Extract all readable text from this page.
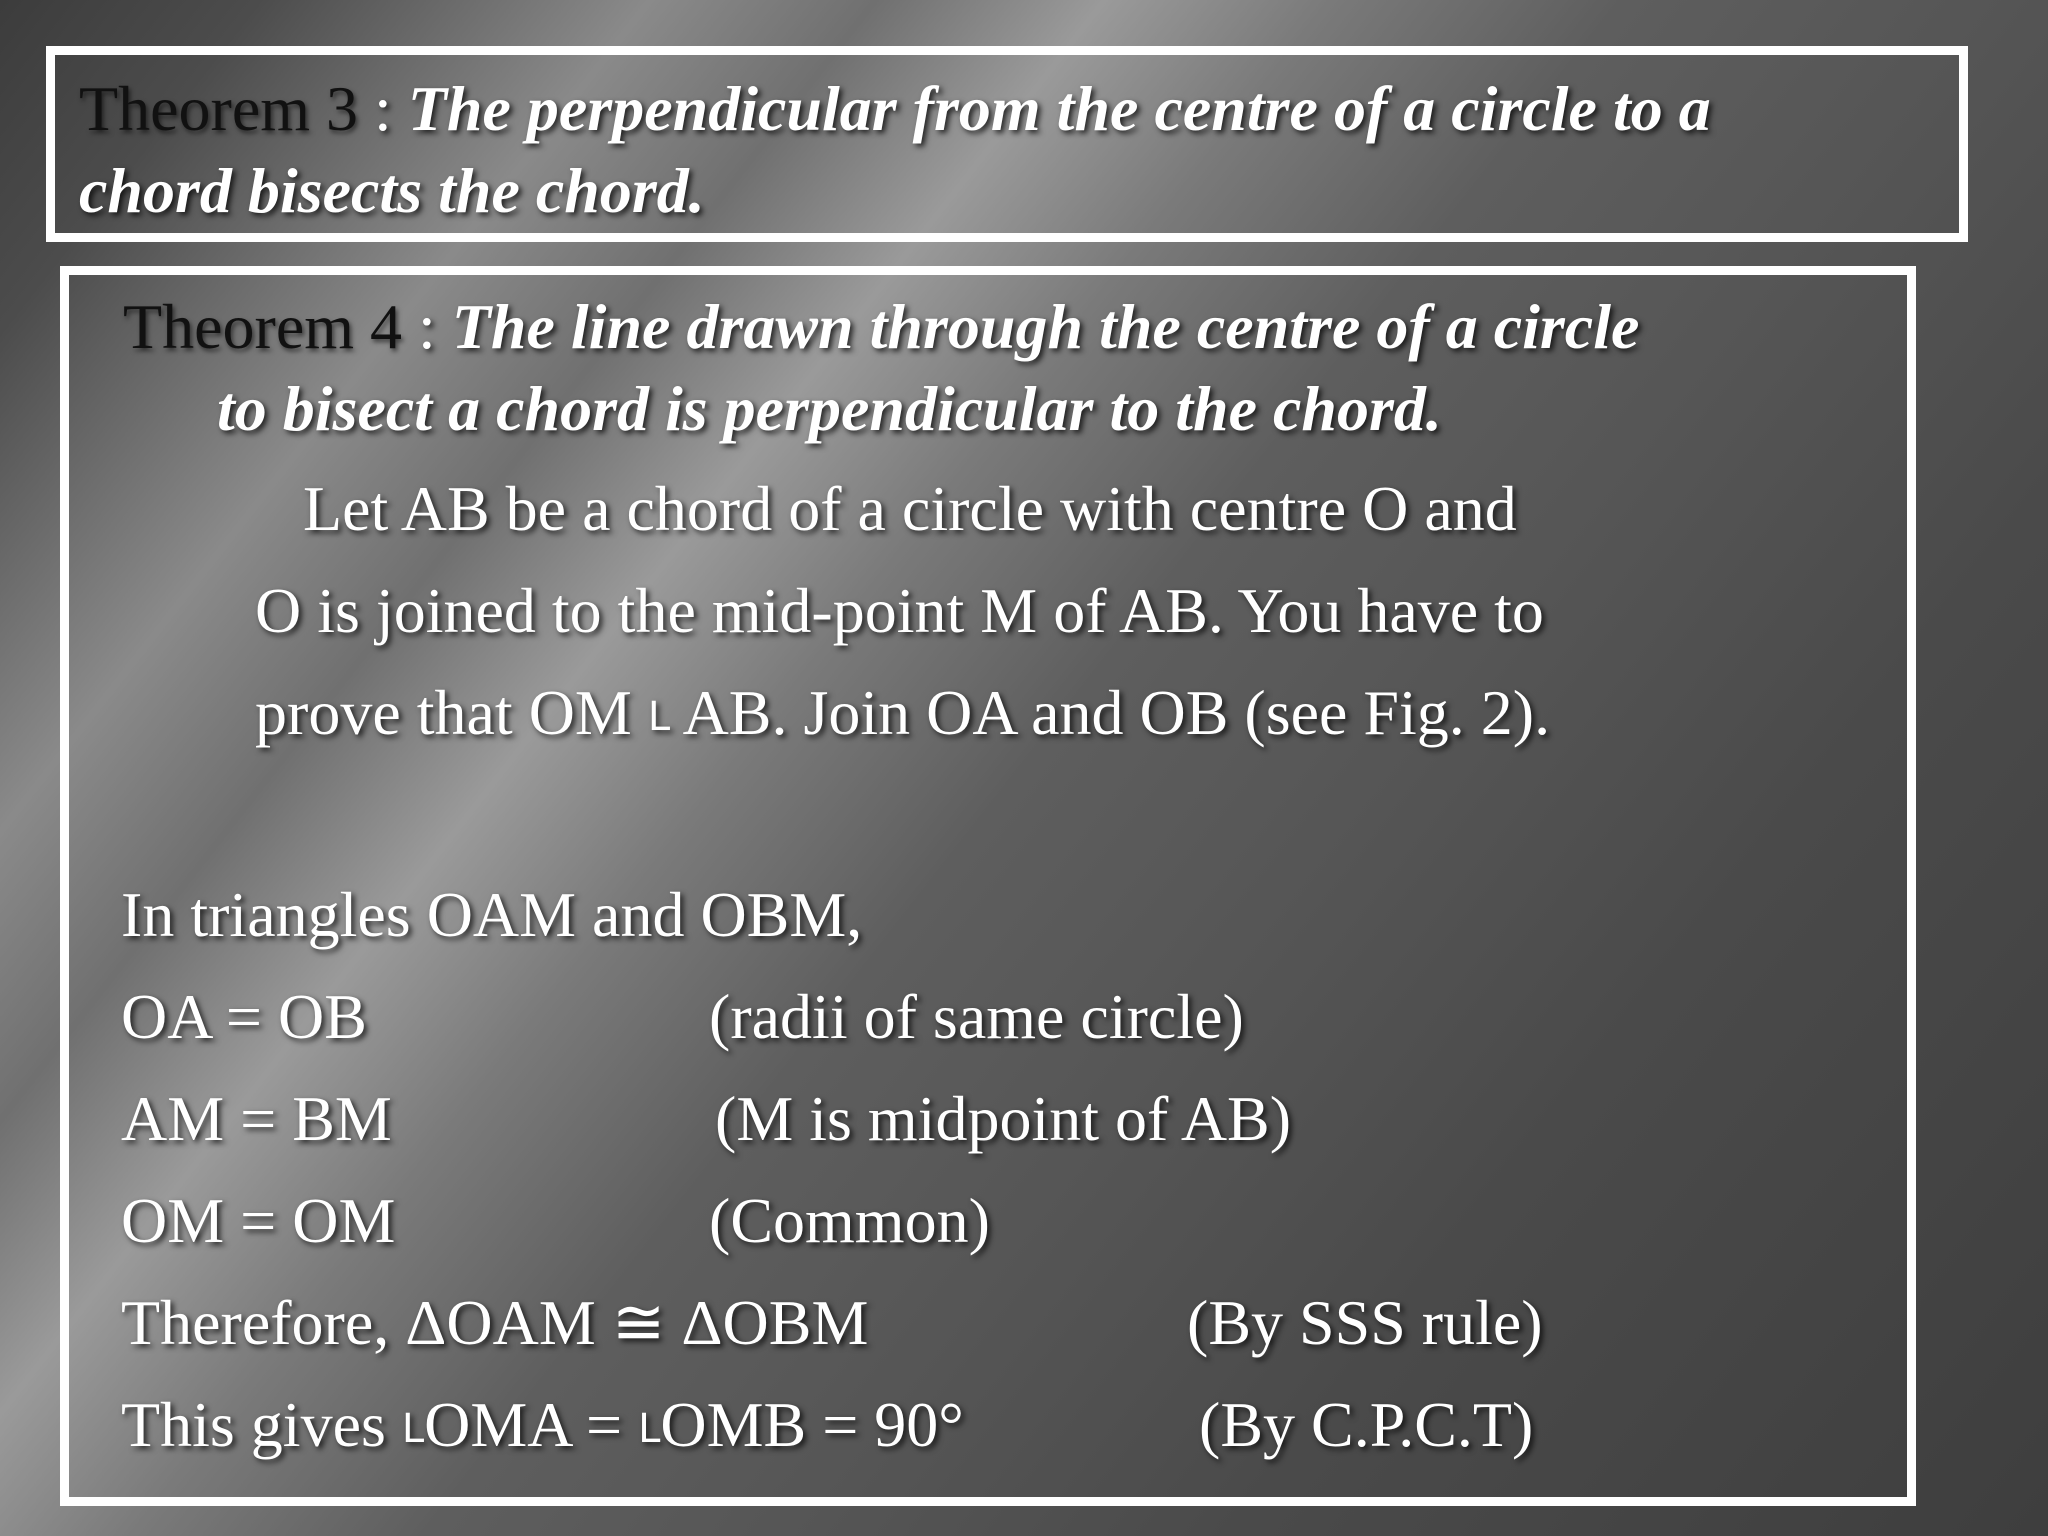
Theorem 3 : The perpendicular from the centre of a circle to a
chord bisects the chord.
Theorem 4 : The line drawn through the centre of a circle
to bisect a chord is perpendicular to the chord.
Let AB be a chord of a circle with centre O and
O is joined to the mid-point M of AB. You have to
prove that OM L AB. Join OA and OB (see Fig. 2).
In triangles OAM and OBM,
OA = OB	(radii of same circle)
AM = BM	(M is midpoint of AB)
OM = OM	(Common)
Therefore, ΔOAM ≅ ΔOBM	(By SSS rule)
This gives LOMA = LOMB = 90°	(By C.P.C.T)
